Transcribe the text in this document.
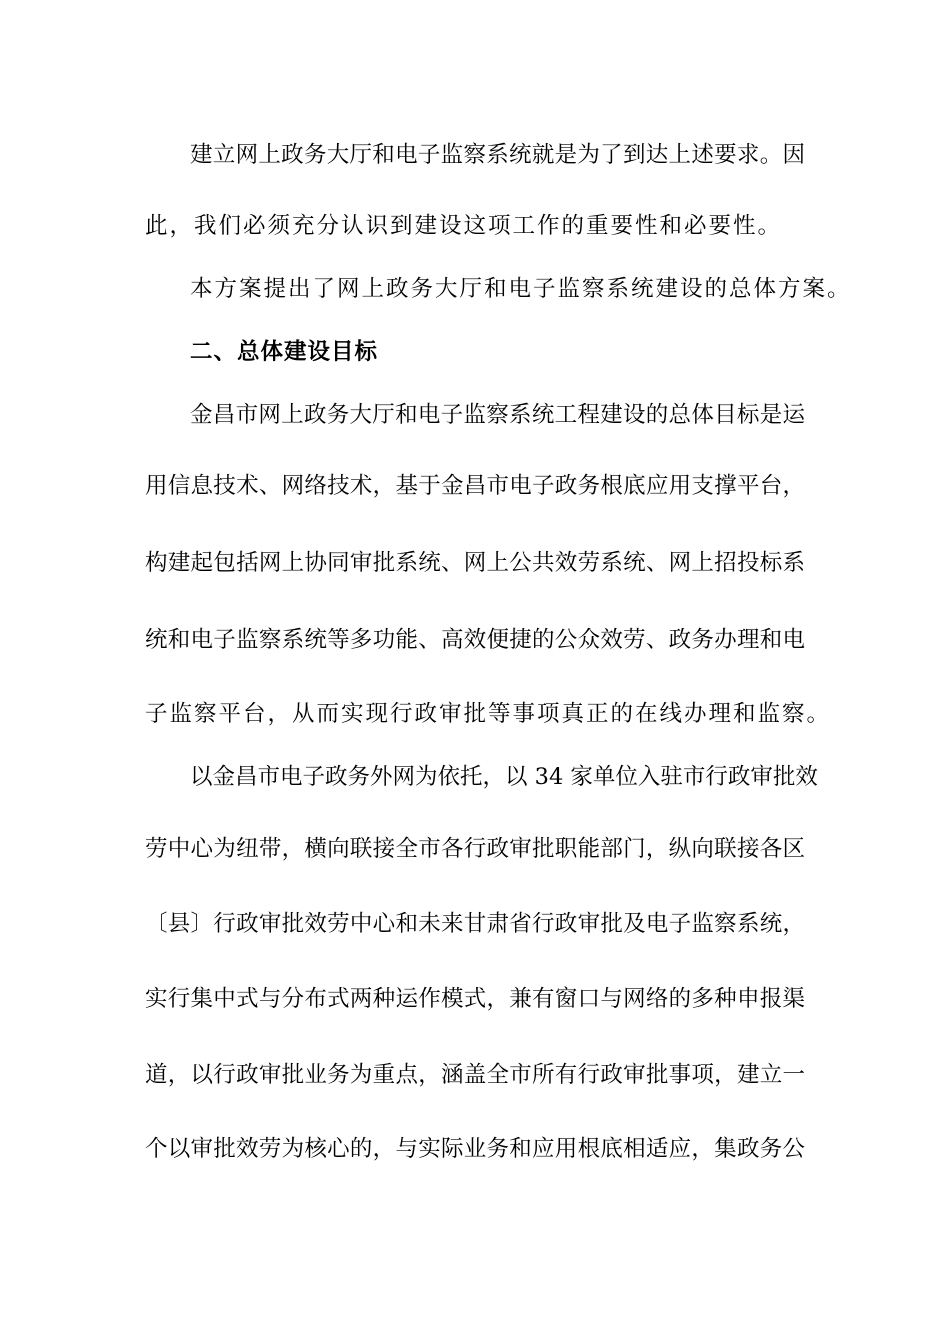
建立网上政务大厅和电子监察系统就是为了到达上述要求。因
此，我们必须充分认识到建设这项工作的重要性和必要性。
本方案提出了网上政务大厅和电子监察系统建设的总体方案。
二、总体建设目标
金昌市网上政务大厅和电子监察系统工程建设的总体目标是运
用信息技术、网络技术，基于金昌市电子政务根底应用支撑平台，
构建起包括网上协同审批系统、网上公共效劳系统、网上招投标系
统和电子监察系统等多功能、高效便捷的公众效劳、政务办理和电
子监察平台，从而实现行政审批等事项真正的在线办理和监察。
以金昌市电子政务外网为依托，以 34 家单位入驻市行政审批效
劳中心为纽带，横向联接全市各行政审批职能部门，纵向联接各区
〔县〕行政审批效劳中心和未来甘肃省行政审批及电子监察系统，
实行集中式与分布式两种运作模式，兼有窗口与网络的多种申报渠
道，以行政审批业务为重点，涵盖全市所有行政审批事项，建立一
个以审批效劳为核心的，与实际业务和应用根底相适应，集政务公
